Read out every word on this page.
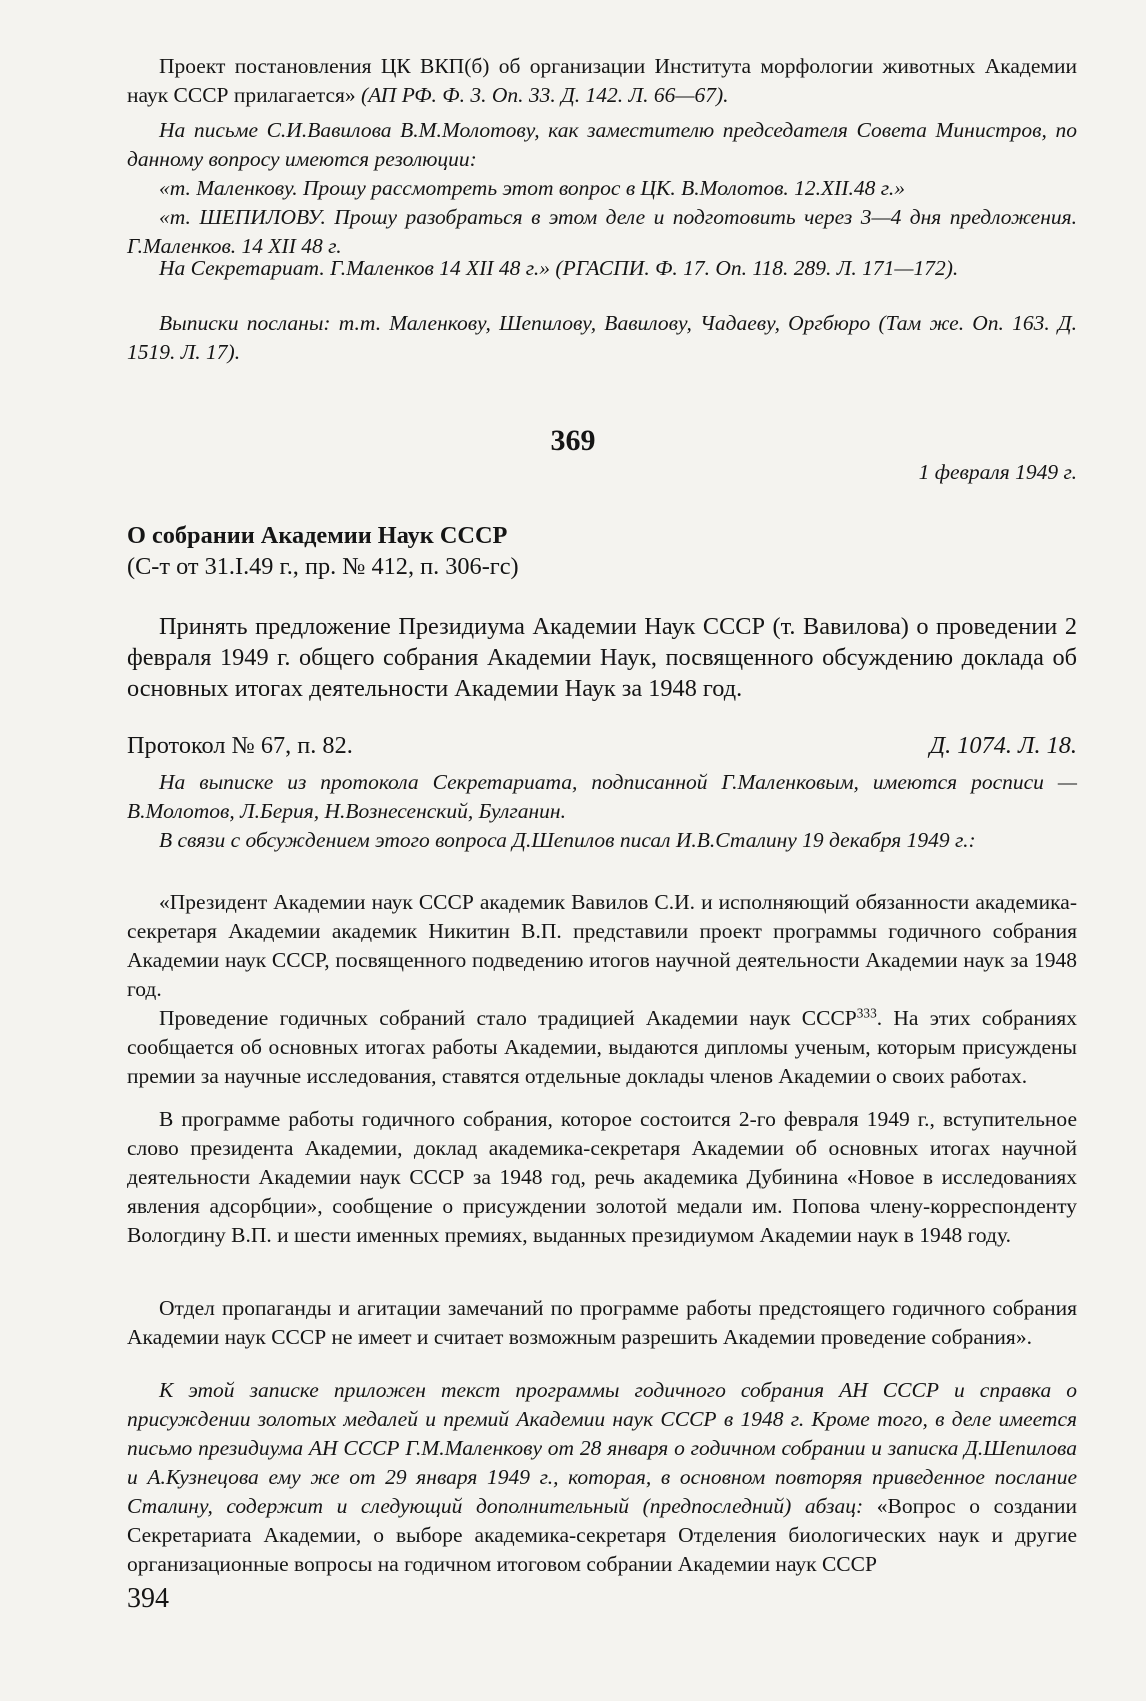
Проект постановления ЦК ВКП(б) об организации Института морфологии животных Академии наук СССР прилагается» (АП РФ. Ф. 3. Оп. 33. Д. 142. Л. 66—67).

На письме С.И.Вавилова В.М.Молотову, как заместителю председателя Совета Министров, по данному вопросу имеются резолюции:

«т. Маленкову. Прошу рассмотреть этот вопрос в ЦК. В.Молотов. 12.XII.48 г.»

«т. ШЕПИЛОВУ. Прошу разобраться в этом деле и подготовить через 3—4 дня предложения. Г.Маленков. 14 XII 48 г.

На Секретариат. Г.Маленков 14 XII 48 г.» (РГАСПИ. Ф. 17. Оп. 118. 289. Л. 171—172).

Выписки посланы: т.т. Маленкову, Шепилову, Вавилову, Чадаеву, Оргбюро (Там же. Оп. 163. Д. 1519. Л. 17).

369
1 февраля 1949 г.

О собрании Академии Наук СССР

(С-т от 31.I.49 г., пр. № 412, п. 306-гс)

Принять предложение Президиума Академии Наук СССР (т. Вавилова) о проведении 2 февраля 1949 г. общего собрания Академии Наук, посвященного обсуждению доклада об основных итогах деятельности Академии Наук за 1948 год.

Протокол № 67, п. 82.	Д. 1074. Л. 18.

На выписке из протокола Секретариата, подписанной Г.Маленковым, имеются росписи — В.Молотов, Л.Берия, Н.Вознесенский, Булганин.

В связи с обсуждением этого вопроса Д.Шепилов писал И.В.Сталину 19 декабря 1949 г.:

«Президент Академии наук СССР академик Вавилов С.И. и исполняющий обязанности академика-секретаря Академии академик Никитин В.П. представили проект программы годичного собрания Академии наук СССР, посвященного подведению итогов научной деятельности Академии наук за 1948 год.

Проведение годичных собраний стало традицией Академии наук СССР$^{333}$. На этих собраниях сообщается об основных итогах работы Академии, выдаются дипломы ученым, которым присуждены премии за научные исследования, ставятся отдельные доклады членов Академии о своих работах.

В программе работы годичного собрания, которое состоится 2-го февраля 1949 г., вступительное слово президента Академии, доклад академика-секретаря Академии об основных итогах научной деятельности Академии наук СССР за 1948 год, речь академика Дубинина «Новое в исследованиях явления адсорбции», сообщение о присуждении золотой медали им. Попова члену-корреспонденту Вологдину В.П. и шести именных премиях, выданных президиумом Академии наук в 1948 году.

Отдел пропаганды и агитации замечаний по программе работы предстоящего годичного собрания Академии наук СССР не имеет и считает возможным разрешить Академии проведение собрания».

К этой записке приложен текст программы годичного собрания АН СССР и справка о присуждении золотых медалей и премий Академии наук СССР в 1948 г. Кроме того, в деле имеется письмо президиума АН СССР Г.М.Маленкову от 28 января о годичном собрании и записка Д.Шепилова и А.Кузнецова ему же от 29 января 1949 г., которая, в основном повторяя приведенное послание Сталину, содержит и следующий дополнительный (предпоследний) абзац: «Вопрос о создании Секретариата Академии, о выборе академика-секретаря Отделения биологических наук и другие организационные вопросы на годичном итоговом собрании Академии наук СССР

394
